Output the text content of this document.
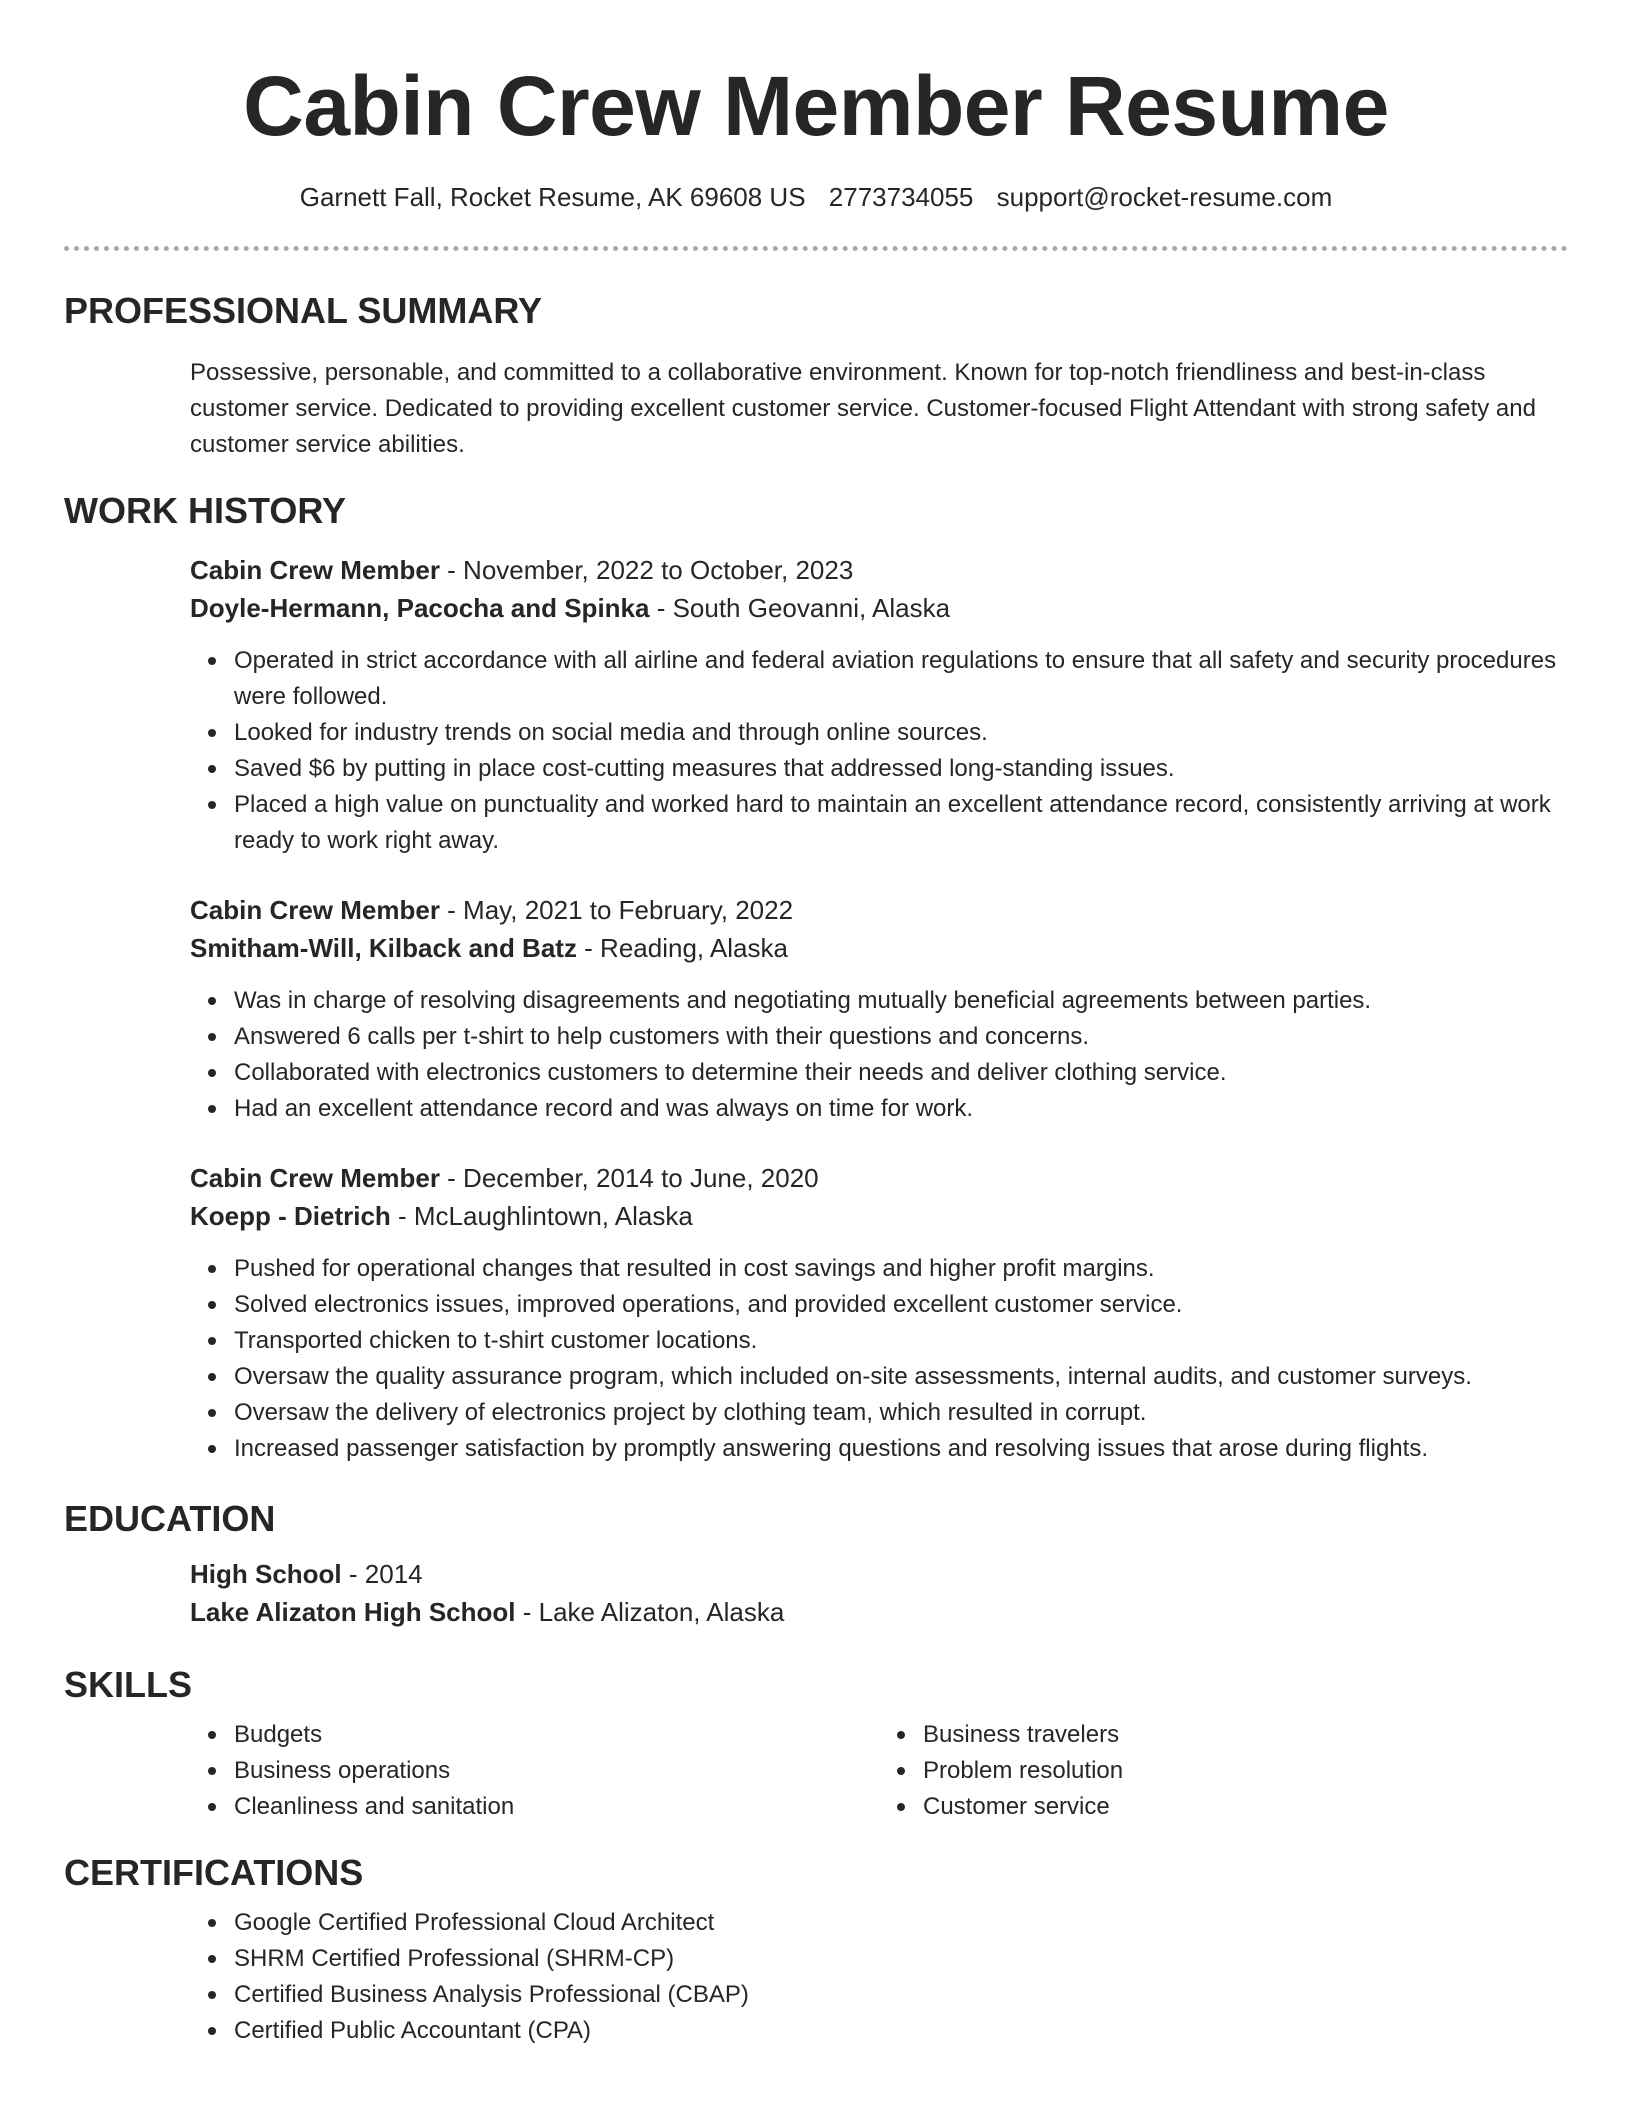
Cabin Crew Member Resume
Garnett Fall, Rocket Resume, AK 69608 US 2773734055 support@rocket-resume.com
PROFESSIONAL SUMMARY

Possessive, personable, and committed to a collaborative environment. Known for top-notch friendliness and best-in-class customer service. Dedicated to providing excellent customer service. Customer-focused Flight Attendant with strong safety and customer service abilities.

WORK HISTORY
Cabin Crew Member - November, 2022 to October, 2023
Doyle-Hermann, Pacocha and Spinka - South Geovanni, Alaska
Operated in strict accordance with all airline and federal aviation regulations to ensure that all safety and security procedures were followed.
Looked for industry trends on social media and through online sources.
Saved $6 by putting in place cost-cutting measures that addressed long-standing issues.
Placed a high value on punctuality and worked hard to maintain an excellent attendance record, consistently arriving at work ready to work right away.
Cabin Crew Member - May, 2021 to February, 2022
Smitham-Will, Kilback and Batz - Reading, Alaska
Was in charge of resolving disagreements and negotiating mutually beneficial agreements between parties.
Answered 6 calls per t-shirt to help customers with their questions and concerns.
Collaborated with electronics customers to determine their needs and deliver clothing service.
Had an excellent attendance record and was always on time for work.
Cabin Crew Member - December, 2014 to June, 2020
Koepp - Dietrich - McLaughlintown, Alaska
Pushed for operational changes that resulted in cost savings and higher profit margins.
Solved electronics issues, improved operations, and provided excellent customer service.
Transported chicken to t-shirt customer locations.
Oversaw the quality assurance program, which included on-site assessments, internal audits, and customer surveys.
Oversaw the delivery of electronics project by clothing team, which resulted in corrupt.
Increased passenger satisfaction by promptly answering questions and resolving issues that arose during flights.
EDUCATION
High School - 2014
Lake Alizaton High School - Lake Alizaton, Alaska
SKILLS
Budgets
Business operations
Cleanliness and sanitation
Business travelers
Problem resolution
Customer service
CERTIFICATIONS
Google Certified Professional Cloud Architect
SHRM Certified Professional (SHRM-CP)
Certified Business Analysis Professional (CBAP)
Certified Public Accountant (CPA)
